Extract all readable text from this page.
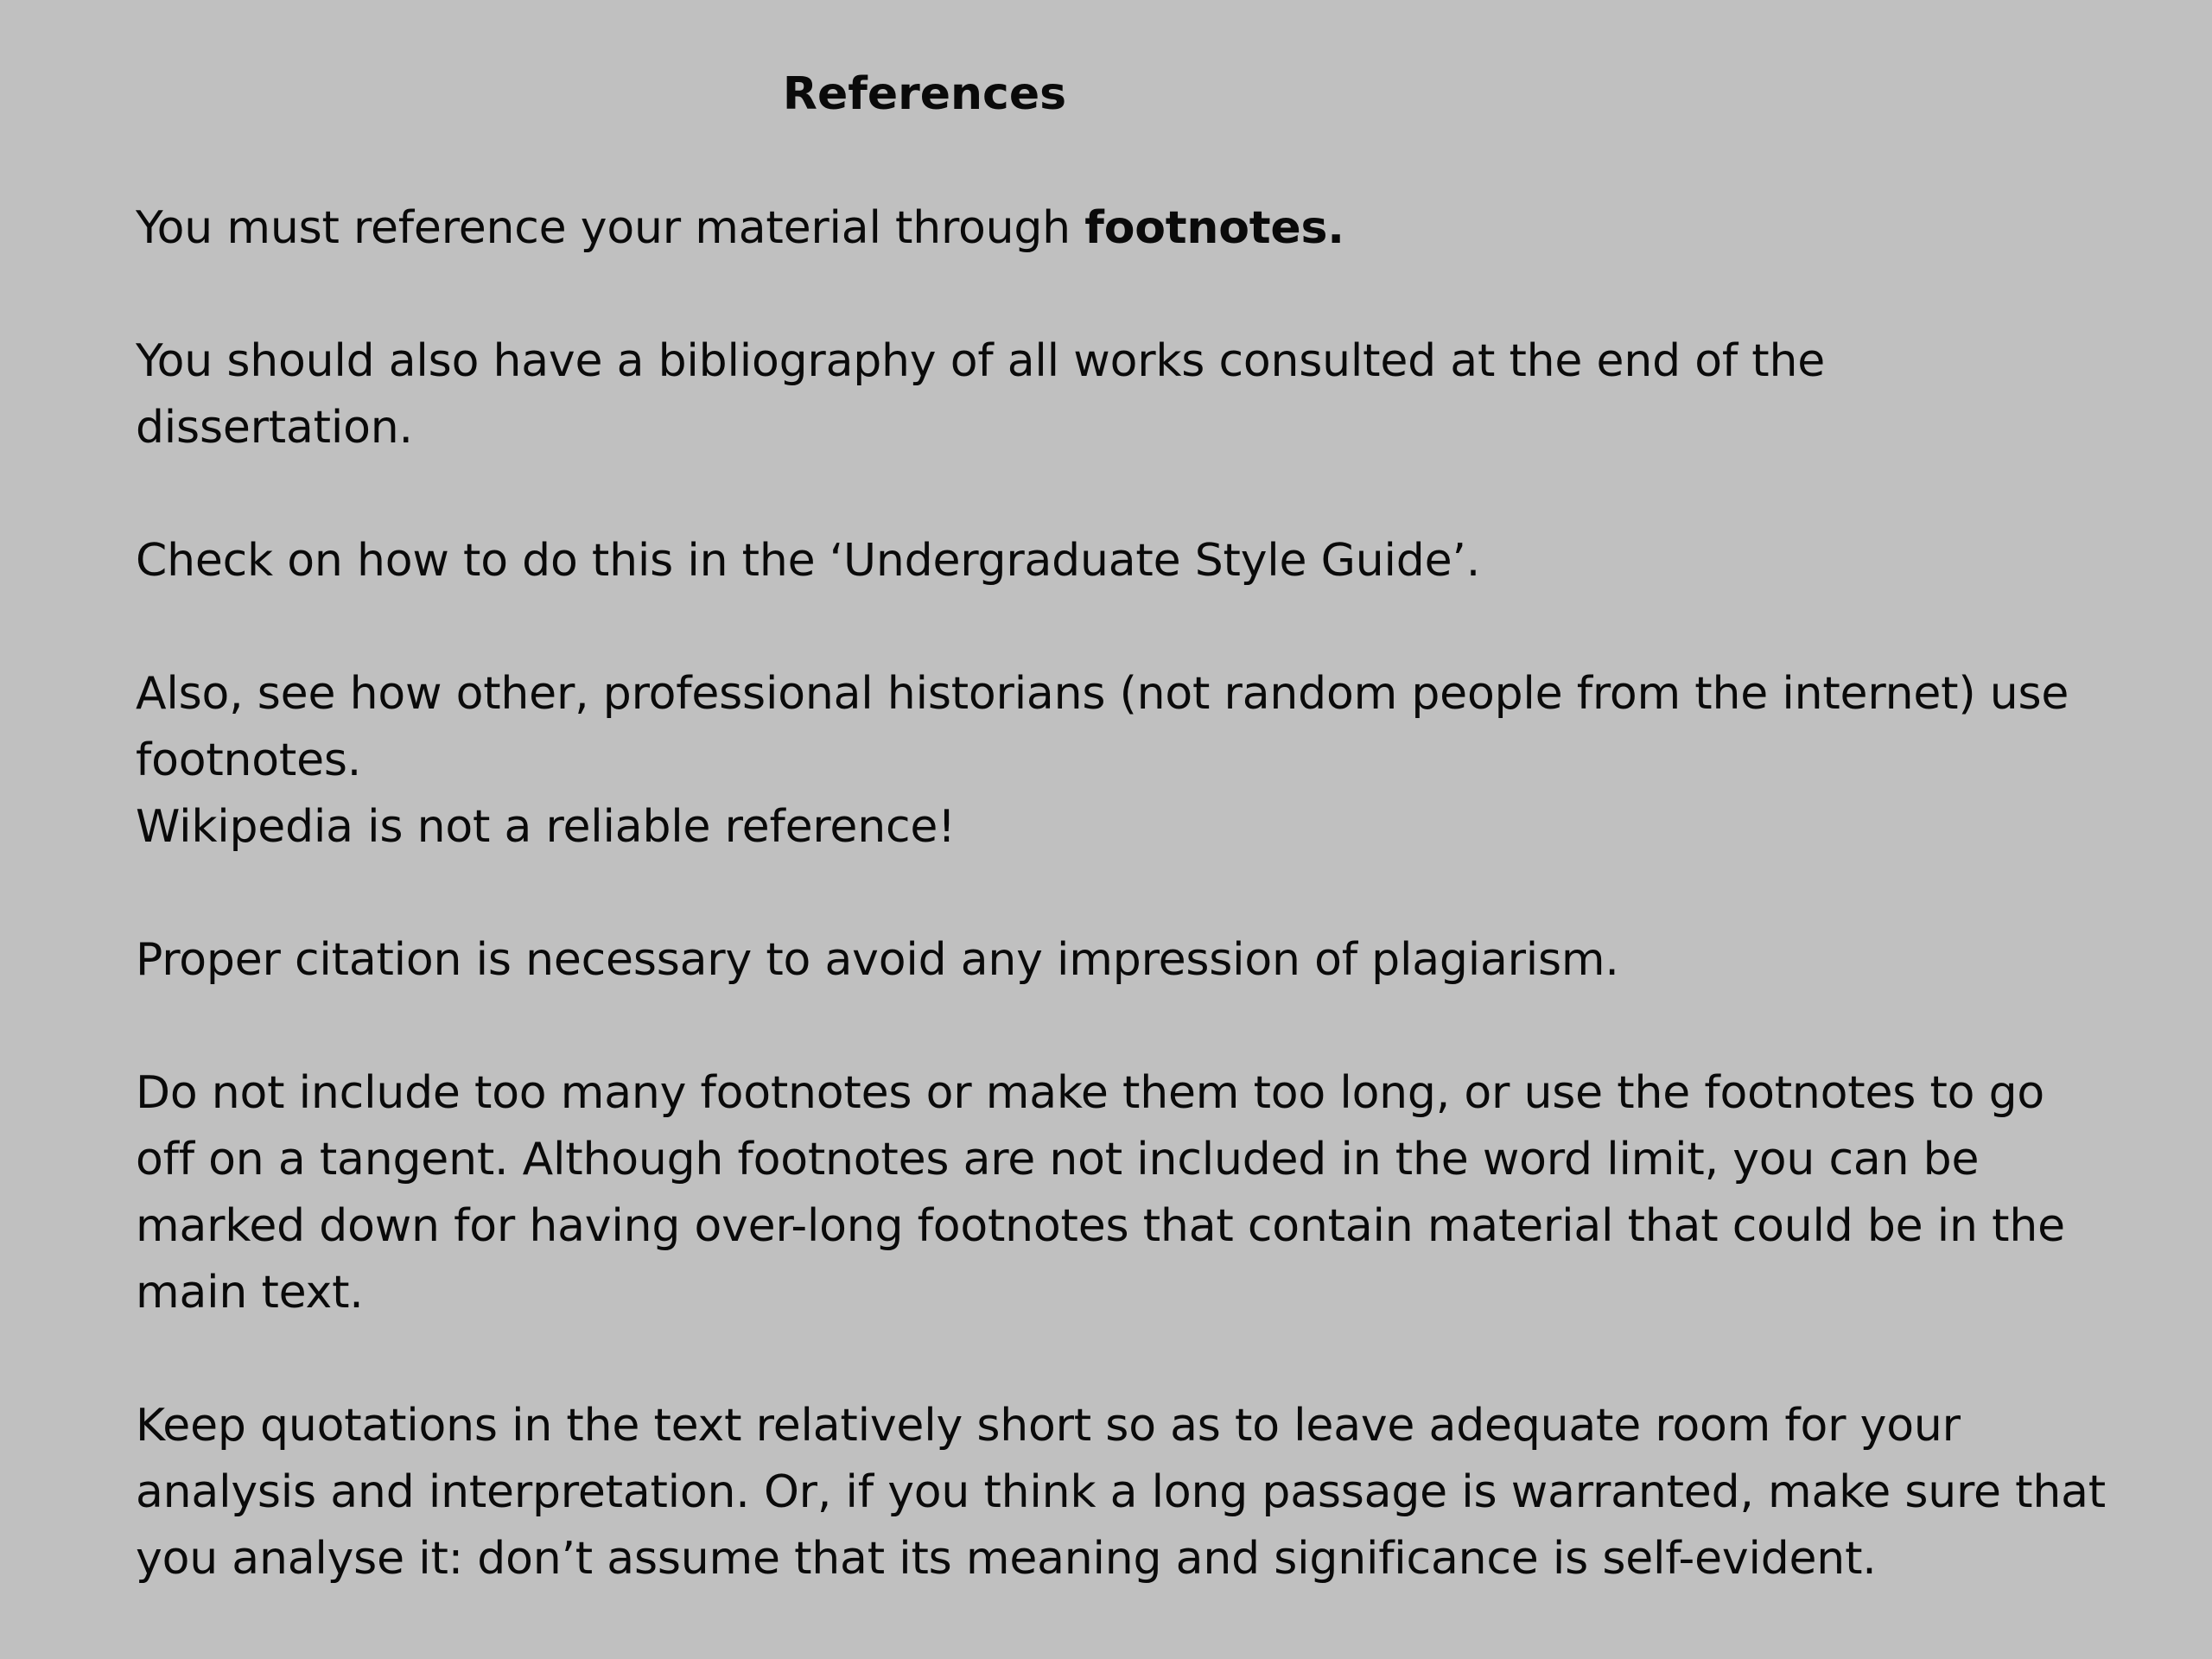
References

You must reference your material through footnotes.

You should also have a bibliography of all works consulted at the end of the
dissertation.

Check on how to do this in the ‘Undergraduate Style Guide’.

Also, see how other, professional historians (not random people from the internet) use
footnotes.
Wikipedia is not a reliable reference!

Proper citation is necessary to avoid any impression of plagiarism.

Do not include too many footnotes or make them too long, or use the footnotes to go
off on a tangent. Although footnotes are not included in the word limit, you can be
marked down for having over-long footnotes that contain material that could be in the
main text.

Keep quotations in the text relatively short so as to leave adequate room for your
analysis and interpretation. Or, if you think a long passage is warranted, make sure that
you analyse it: don’t assume that its meaning and significance is self-evident.
